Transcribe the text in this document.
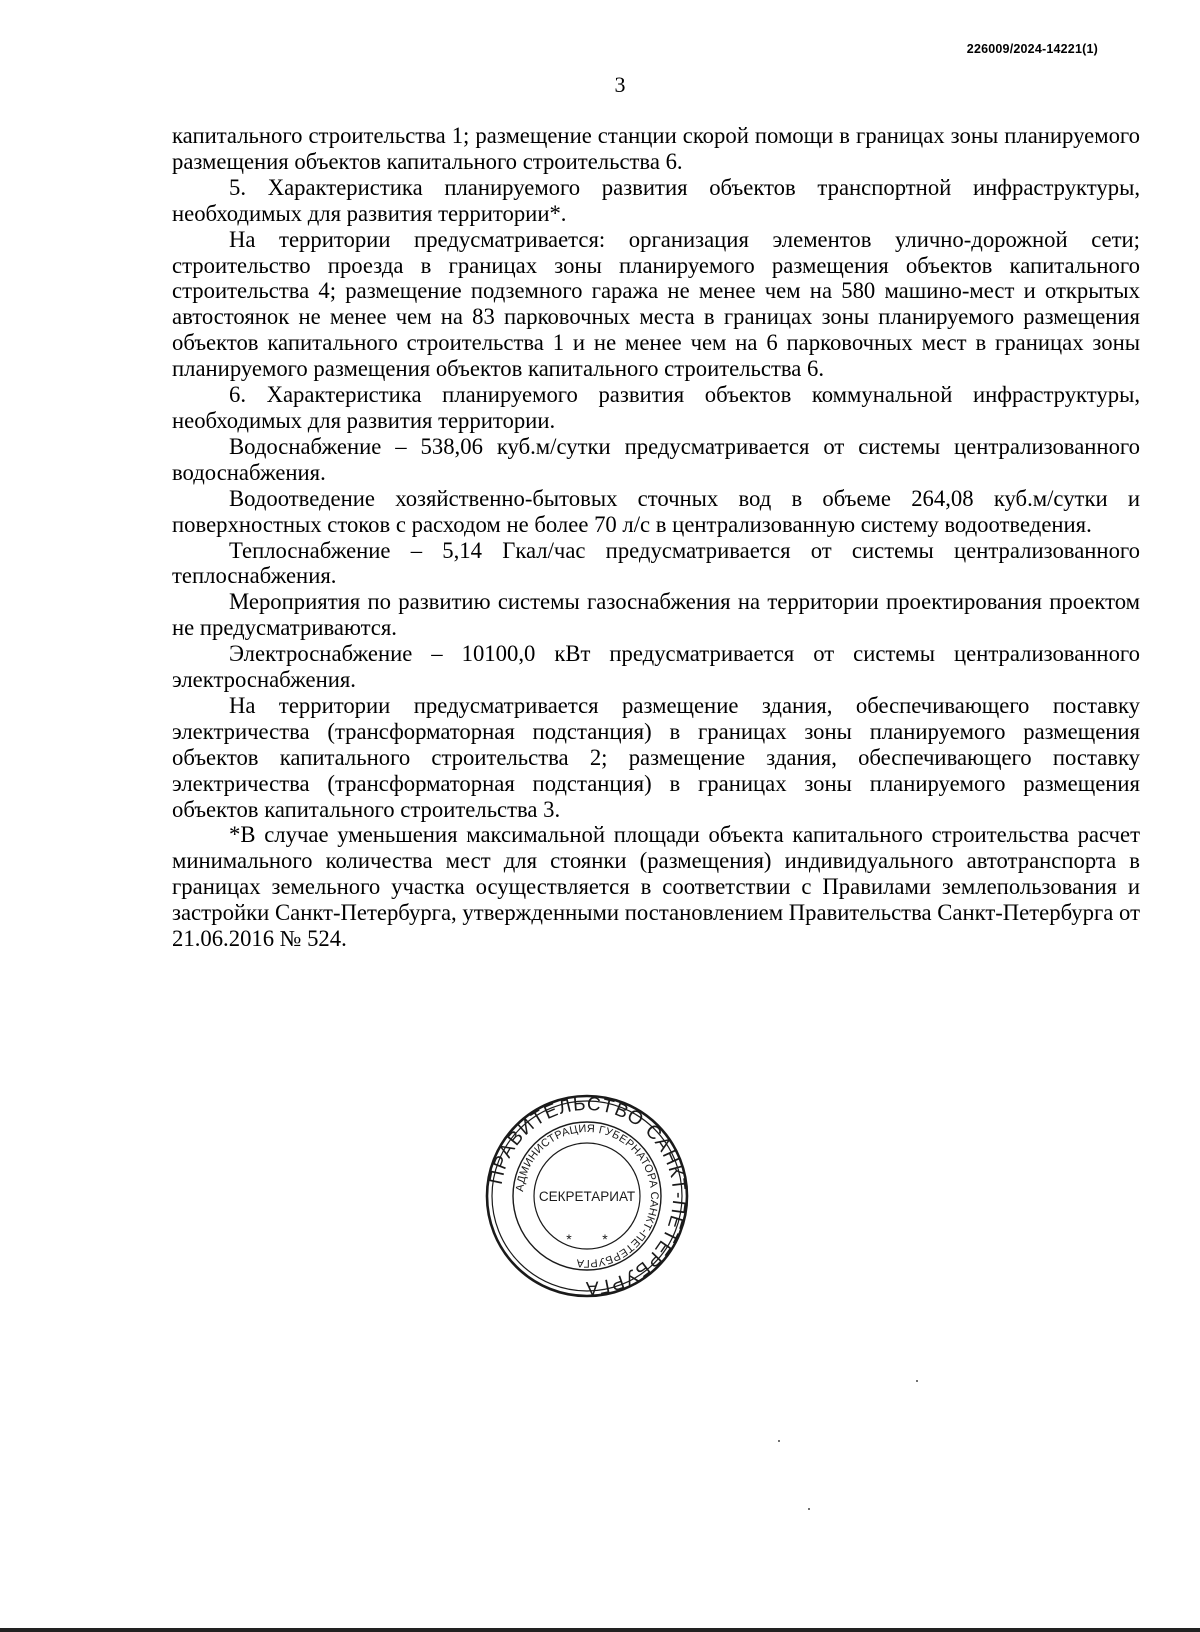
226009/2024-14221(1)
3

капитального строительства 1; размещение станции скорой помощи в границах зоны планируемого размещения объектов капитального строительства 6.

5. Характеристика планируемого развития объектов транспортной инфраструктуры, необходимых для развития территории*.

На территории предусматривается: организация элементов улично-дорожной сети; строительство проезда в границах зоны планируемого размещения объектов капитального строительства 4; размещение подземного гаража не менее чем на 580 машино-мест и открытых автостоянок не менее чем на 83 парковочных места в границах зоны планируемого размещения объектов капитального строительства 1 и не менее чем на 6 парковочных мест в границах зоны планируемого размещения объектов капитального строительства 6.

6. Характеристика планируемого развития объектов коммунальной инфраструктуры, необходимых для развития территории.

Водоснабжение – 538,06 куб.м/сутки предусматривается от системы централизованного водоснабжения.

Водоотведение хозяйственно-бытовых сточных вод в объеме 264,08 куб.м/сутки и поверхностных стоков с расходом не более 70 л/с в централизованную систему водоотведения.

Теплоснабжение – 5,14 Гкал/час предусматривается от системы централизованного теплоснабжения.

Мероприятия по развитию системы газоснабжения на территории проектирования проектом не предусматриваются.

Электроснабжение – 10100,0 кВт предусматривается от системы централизованного электроснабжения.

На территории предусматривается размещение здания, обеспечивающего поставку электричества (трансформаторная подстанция) в границах зоны планируемого размещения объектов капитального строительства 2; размещение здания, обеспечивающего поставку электричества (трансформаторная подстанция) в границах зоны планируемого размещения объектов капитального строительства 3.

*В случае уменьшения максимальной площади объекта капитального строительства расчет минимального количества мест для стоянки (размещения) индивидуального автотранспорта в границах земельного участка осуществляется в соответствии с Правилами землепользования и застройки Санкт-Петербурга, утвержденными постановлением Правительства Санкт-Петербурга от 21.06.2016 № 524.

ПРАВИТЕЛЬСТВО САНКТ-ПЕТЕРБУРГА
АДМИНИСТРАЦИЯ ГУБЕРНАТОРА САНКТ-ПЕТЕРБУРГА
СЕКРЕТАРИАТ
* *
